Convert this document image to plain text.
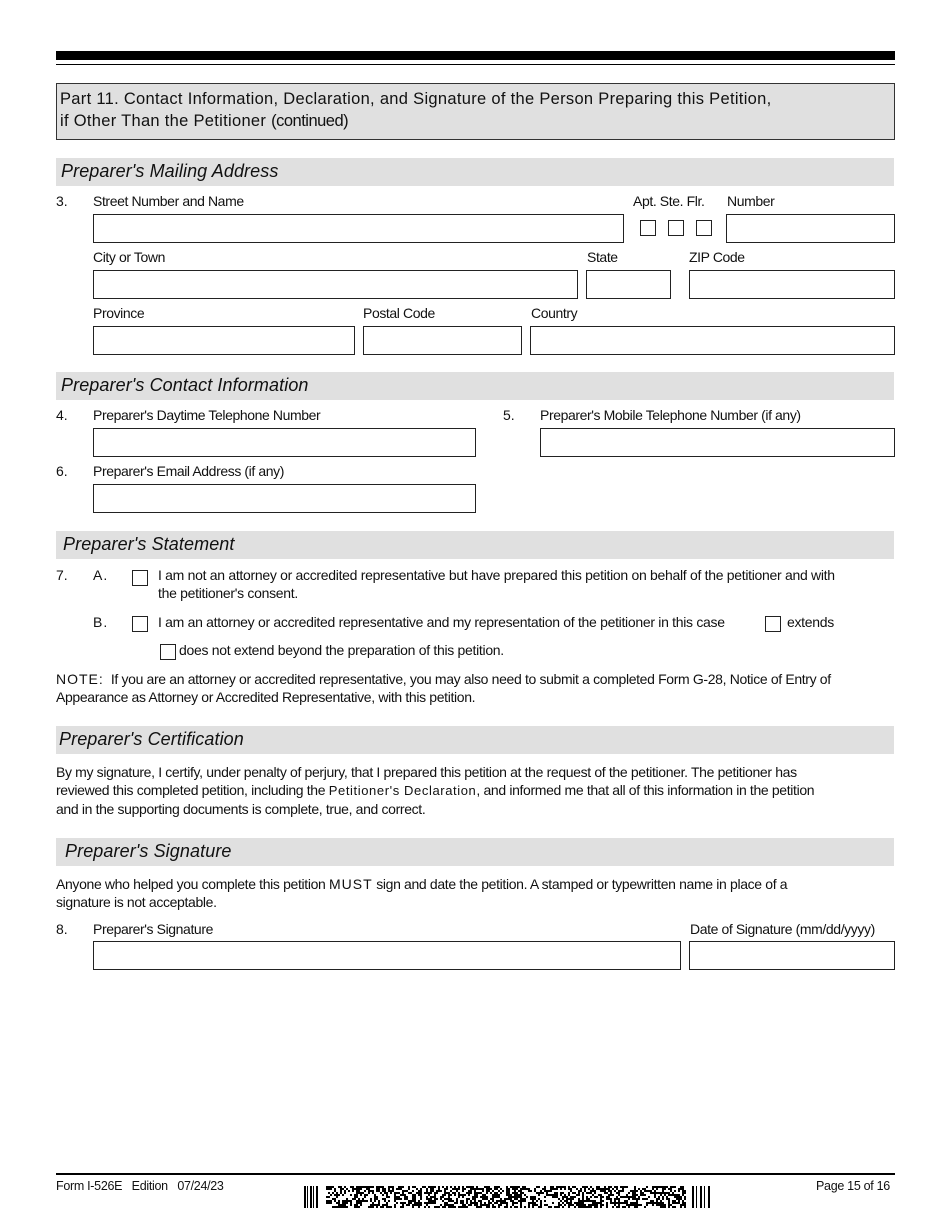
Part 11. Contact Information, Declaration, and Signature of the Person Preparing this Petition,
if Other Than the Petitioner (continued)
Preparer's Mailing Address
3. Street Number and Name	Apt. Ste. Flr. Number
City or Town	State	ZIP Code
Province	Postal Code	Country
Preparer's Contact Information
4. Preparer's Daytime Telephone Number	5. Preparer's Mobile Telephone Number (if any)
6. Preparer's Email Address (if any)
Preparer's Statement
7. A.	I am not an attorney or accredited representative but have prepared this petition on behalf of the petitioner and with
the petitioner's consent.
B.	I am an attorney or accredited representative and my representation of the petitioner in this case	extends
does not extend beyond the preparation of this petition.
NOTE: If you are an attorney or accredited representative, you may also need to submit a completed Form G-28, Notice of Entry of
Appearance as Attorney or Accredited Representative, with this petition.
Preparer's Certification
By my signature, I certify, under penalty of perjury, that I prepared this petition at the request of the petitioner. The petitioner has
reviewed this completed petition, including the Petitioner's Declaration, and informed me that all of this information in the petition
and in the supporting documents is complete, true, and correct.
Preparer's Signature
Anyone who helped you complete this petition MUST sign and date the petition. A stamped or typewritten name in place of a
signature is not acceptable.
8. Preparer's Signature	Date of Signature (mm/dd/yyyy)
Form I-526E   Edition   07/24/23	Page 15 of 16
